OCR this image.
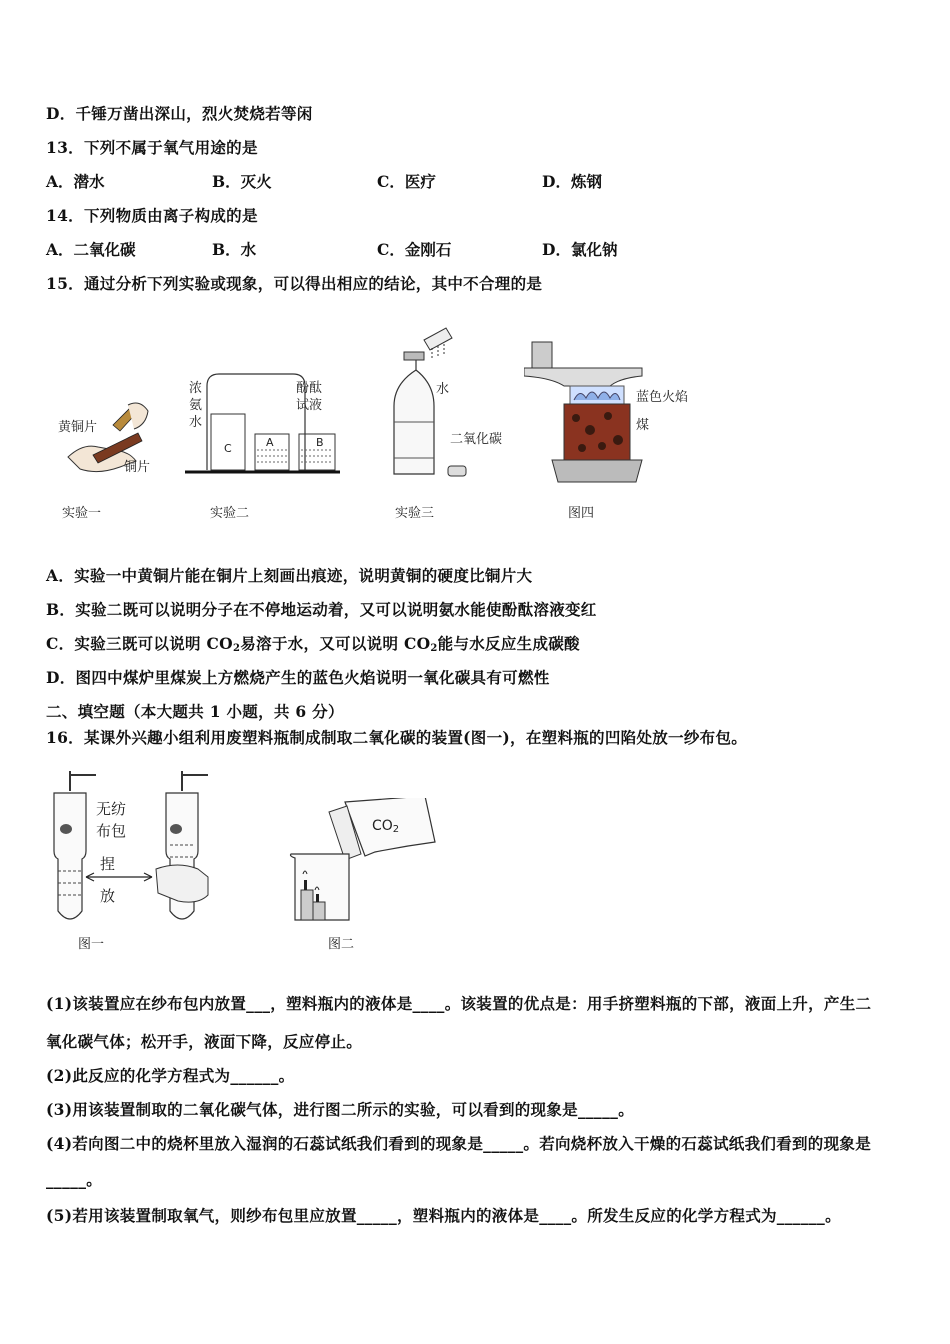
D．千锤万凿出深山，烈火焚烧若等闲
13．下列不属于氧气用途的是
A．潜水	B．灭火	C．医疗	D．炼钢
14．下列物质由离子构成的是
A．二氧化碳	B．水	C．金刚石	D．氯化钠
15．通过分析下列实验或现象，可以得出相应的结论，其中不合理的是
黄铜片
铜片
实验一
浓
氨
水
酚酞
试液
C	A	B
实验二
水
二氧化碳
实验三
蓝色火焰
煤
图四
A．实验一中黄铜片能在铜片上刻画出痕迹，说明黄铜的硬度比铜片大
B．实验二既可以说明分子在不停地运动着，又可以说明氨水能使酚酞溶液变红
C．实验三既可以说明 CO2易溶于水，又可以说明 CO2能与水反应生成碳酸
D．图四中煤炉里煤炭上方燃烧产生的蓝色火焰说明一氧化碳具有可燃性
二、填空题（本大题共 1 小题，共 6 分）
16．某课外兴趣小组利用废塑料瓶制成制取二氧化碳的装置(图一)，在塑料瓶的凹陷处放一纱布包。
无纺
布包
捏
放
图一
CO2
图二
(1)该装置应在纱布包内放置___，塑料瓶内的液体是____。该装置的优点是：用手挤塑料瓶的下部，液面上升，产生二
氧化碳气体；松开手，液面下降，反应停止。
(2)此反应的化学方程式为______。
(3)用该装置制取的二氧化碳气体，进行图二所示的实验，可以看到的现象是_____。
(4)若向图二中的烧杯里放入湿润的石蕊试纸我们看到的现象是_____。若向烧杯放入干燥的石蕊试纸我们看到的现象是
_____。
(5)若用该装置制取氧气，则纱布包里应放置_____，塑料瓶内的液体是____。所发生反应的化学方程式为______。
